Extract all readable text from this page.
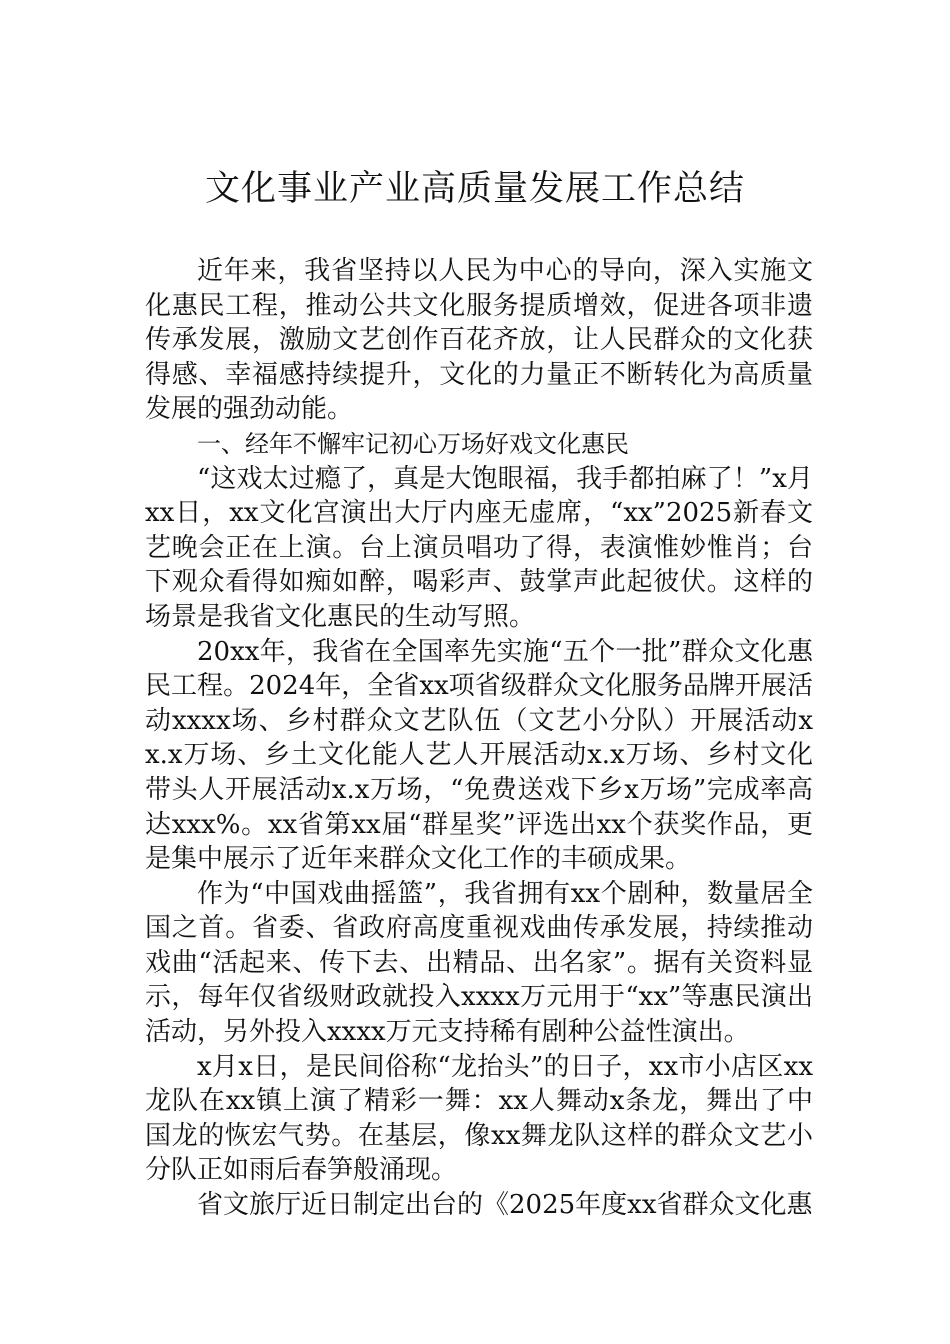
文化事业产业高质量发展工作总结

近年来，我省坚持以人民为中心的导向，深入实施文化惠民工程，推动公共文化服务提质增效，促进各项非遗传承发展，激励文艺创作百花齐放，让人民群众的文化获得感、幸福感持续提升，文化的力量正不断转化为高质量发展的强劲动能。

一、经年不懈牢记初心万场好戏文化惠民

“这戏太过瘾了，真是大饱眼福，我手都拍麻了！”x月xx日，xx文化宫演出大厅内座无虚席，“xx”2025新春文艺晚会正在上演。台上演员唱功了得，表演惟妙惟肖；台下观众看得如痴如醉，喝彩声、鼓掌声此起彼伏。这样的场景是我省文化惠民的生动写照。

20xx年，我省在全国率先实施“五个一批”群众文化惠民工程。2024年，全省xx项省级群众文化服务品牌开展活动xxxx场、乡村群众文艺队伍（文艺小分队）开展活动xx.x万场、乡土文化能人艺人开展活动x.x万场、乡村文化带头人开展活动x.x万场，“免费送戏下乡x万场”完成率高达xxx%。xx省第xx届“群星奖”评选出xx个获奖作品，更是集中展示了近年来群众文化工作的丰硕成果。

作为“中国戏曲摇篮”，我省拥有xx个剧种，数量居全国之首。省委、省政府高度重视戏曲传承发展，持续推动戏曲“活起来、传下去、出精品、出名家”。据有关资料显示，每年仅省级财政就投入xxxx万元用于“xx”等惠民演出活动，另外投入xxxx万元支持稀有剧种公益性演出。

x月x日，是民间俗称“龙抬头”的日子，xx市小店区xx龙队在xx镇上演了精彩一舞：xx人舞动x条龙，舞出了中国龙的恢宏气势。在基层，像xx舞龙队这样的群众文艺小分队正如雨后春笋般涌现。

省文旅厅近日制定出台的《2025年度xx省群众文化惠
